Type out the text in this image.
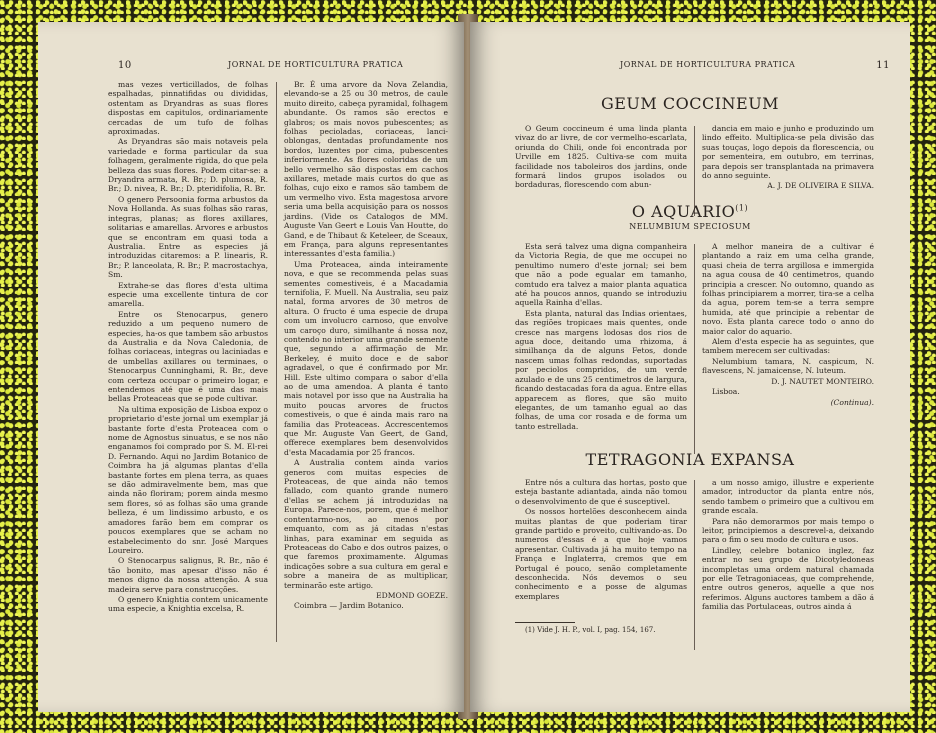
10	JORNAL DE HORTICULTURA PRATICA

mas vezes verticillados, de folhas espalhadas, pinnatifidas ou divididas, ostentam as Dryandras as suas flores dispostas em capitulos, ordinariamente cercadas de um tufo de folhas aproximadas.

As Dryandras são mais notaveis pela variedade e forma particular da sua folhagem, geralmente rigida, do que pela belleza das suas flores. Podem citar-se: a Dryandra armata, R. Br.; D. plumosa, R. Br.; D. nivea, R. Br.; D. pteridifolia, R. Br.

O genero Persoonia forma arbustos da Nova Hollanda. As suas folhas são raras, integras, planas; as flores axillares, solitarias e amarellas. Arvores e arbustos que se encontram em quasi toda a Australia. Entre as especies já introduzidas citaremos: a P. linearis, R. Br.; P. lanceolata, R. Br.; P. macrostachya, Sm.

Extrahe-se das flores d'esta ultima especie uma excellente tintura de cor amarella.

Entre os Stenocarpus, genero reduzido a um pequeno numero de especies, ha-os que tambem são arbustos da Australia e da Nova Caledonia, de folhas coriaceas, integras ou laciniadas e de umbellas axillares ou terminaes, o Stenocarpus Cunninghami, R. Br., deve com certeza occupar o primeiro logar, e entendemos até que é uma das mais bellas Proteaceas que se pode cultivar.

Na ultima exposição de Lisboa expoz o proprietario d'este jornal um exemplar já bastante forte d'esta Proteacea com o nome de Agnostus sinuatus, e se nos não enganamos foi comprado por S. M. El-rei D. Fernando. Aqui no Jardim Botanico de Coimbra ha já algumas plantas d'ella bastante fortes em plena terra, as quaes se dão admiravelmente bem, mas que ainda não floriram; porem ainda mesmo sem flores, só as folhas são uma grande belleza, é um lindissimo arbusto, e os amadores farão bem em comprar os poucos exemplares que se acham no estabelecimento do snr. José Marques Loureiro.

O Stenocarpus salignus, R. Br., não é tão bonito, mas apesar d'isso não é menos digno da nossa attenção. A sua madeira serve para construcções.

O genero Knightia contem unicamente uma especie, a Knightia excelsa, R.

Br. É uma arvore da Nova Zelandia, elevando-se a 25 ou 30 metros, de caule muito direito, cabeça pyramidal, folhagem abundante. Os ramos são erectos e glabros; os mais novos pubescentes; as folhas pecioladas, coriaceas, lanci-oblongas, dentadas profundamente nos bordos, luzentes por cima, pubescentes inferiormente. As flores coloridas de um bello vermelho são dispostas em cachos axillares, metade mais curtos do que as folhas, cujo eixo e ramos são tambem de um vermelho vivo. Esta magestosa arvore seria uma bella acquisição para os nossos jardins. (Vide os Catalogos de MM. Auguste Van Geert e Louis Van Houtte, do Gand, e de Thibaut & Keteleer, de Sceaux, em França, para alguns representantes interessantes d'esta familia.)

Uma Proteacea, ainda inteiramente nova, e que se recommenda pelas suas sementes comestiveis, é a Macadamia ternifolia, F. Muell. Na Australia, seu paiz natal, forma arvores de 30 metros de altura. O fructo é uma especie de drupa com um involucro carnoso, que envolve um caroço duro, similhante á nossa noz, contendo no interior uma grande semente que, segundo a affirmação de Mr. Berkeley, é muito doce e de sabor agradavel, o que é confirmado por Mr. Hill. Este ultimo compara o sabor d'ella ao de uma amendoa. A planta é tanto mais notavel por isso que na Australia ha muito poucas arvores de fructos comestiveis, o que é ainda mais raro na familia das Proteaceas. Accrescentemos que Mr. Auguste Van Geert, de Gand, offerece exemplares bem desenvolvidos d'esta Macadamia por 25 francos.

A Australia contem ainda varios generos com muitas especies de Proteaceas, de que ainda não temos fallado, com quanto grande numero d'ellas se achem já introduzidas na Europa. Parece-nos, porem, que é melhor contentarmo-nos, ao menos por emquanto, com as já citadas n'estas linhas, para examinar em seguida as Proteaceas do Cabo e dos outros paizes, o que faremos proximamente. Algumas indicações sobre a sua cultura em geral e sobre a maneira de as multiplicar, terminarão este artigo.

EDMOND GOEZE.

Coimbra — Jardim Botanico.

JORNAL DE HORTICULTURA PRATICA	11
GEUM COCCINEUM

O Geum coccineum é uma linda planta vivaz do ar livre, de cor vermelho-escarlata, oriunda do Chili, onde foi encontrada por Urville em 1825. Cultiva-se com muita facilidade nos taboleiros dos jardins, onde formará lindos grupos isolados ou bordaduras, florescendo com abun-

dancia em maio e junho e produzindo um lindo effeito. Multiplica-se pela divisão das suas touças, logo depois da florescencia, ou por sementeira, em outubro, em terrinas, para depois ser transplantada na primavera do anno seguinte.

A. J. DE OLIVEIRA E SILVA.

O AQUARIO$^{(1)}$
NELUMBIUM SPECIOSUM

Esta será talvez uma digna companheira da Victoria Regia, de que me occupei no penultimo numero d'este jornal; sei bem que não a pode egualar em tamanho, comtudo era talvez a maior planta aquatica até ha poucos annos, quando se introduziu aquella Rainha d'ellas.

Esta planta, natural das Indias orientaes, das regiões tropicaes mais quentes, onde cresce nas margens lodosas dos rios de agua doce, deitando uma rhizoma, á similhança da de alguns Fetos, donde nascem umas folhas redondas, suportadas por peciolos compridos, de um verde azulado e de uns 25 centimetros de largura, ficando destacadas fora da agua. Entre ellas apparecem as flores, que são muito elegantes, de um tamanho egual ao das folhas, de uma cor rosada e de forma um tanto estrellada.

A melhor maneira de a cultivar é plantando a raiz em uma celha grande, quasi cheia de terra argillosa e immergida na agua cousa de 40 centimetros, quando principia a crescer. No outomno, quando as folhas principiarem a morrer, tira-se a celha da agua, porem tem-se a terra sempre humida, até que principie a rebentar de novo. Esta planta carece todo o anno do maior calor do aquario.

Alem d'esta especie ha as seguintes, que tambem merecem ser cultivadas:

Nelumbium tamara, N. caspicum, N. flavescens, N. jamaicense, N. luteum.

D. J. NAUTET MONTEIRO.

Lisboa.

(Continua).

TETRAGONIA EXPANSA

Entre nós a cultura das hortas, posto que esteja bastante adiantada, ainda não tomou o desenvolvimento de que é susceptivel.

Os nossos hortelões desconhecem ainda muitas plantas de que poderiam tirar grande partido e proveito, cultivando-as. Do numeros d'essas é a que hoje vamos apresentar. Cultivada já ha muito tempo na França e Inglaterra, cremos que em Portugal é pouco, senão completamente desconhecida. Nós devemos o seu conhecimento e a posse de algumas exemplares

a um nosso amigo, illustre e experiente amador, introductor da planta entre nós, sendo tambem o primeiro que a cultivou em grande escala.

Para não demorarmos por mais tempo o leitor, principiemos a descrevel-a, deixando para o fim o seu modo de cultura e usos.

Lindley, celebre botanico inglez, faz entrar no seu grupo de Dicotyledoneas incompletas uma ordem natural chamada por elle Tetragoniaceas, que comprehende, entre outros generos, aquelle a que nos referimos. Alguns auctores tambem a dão á familia das Portulaceas, outros ainda á

(1) Vide J. H. P., vol. I, pag. 154, 167.
